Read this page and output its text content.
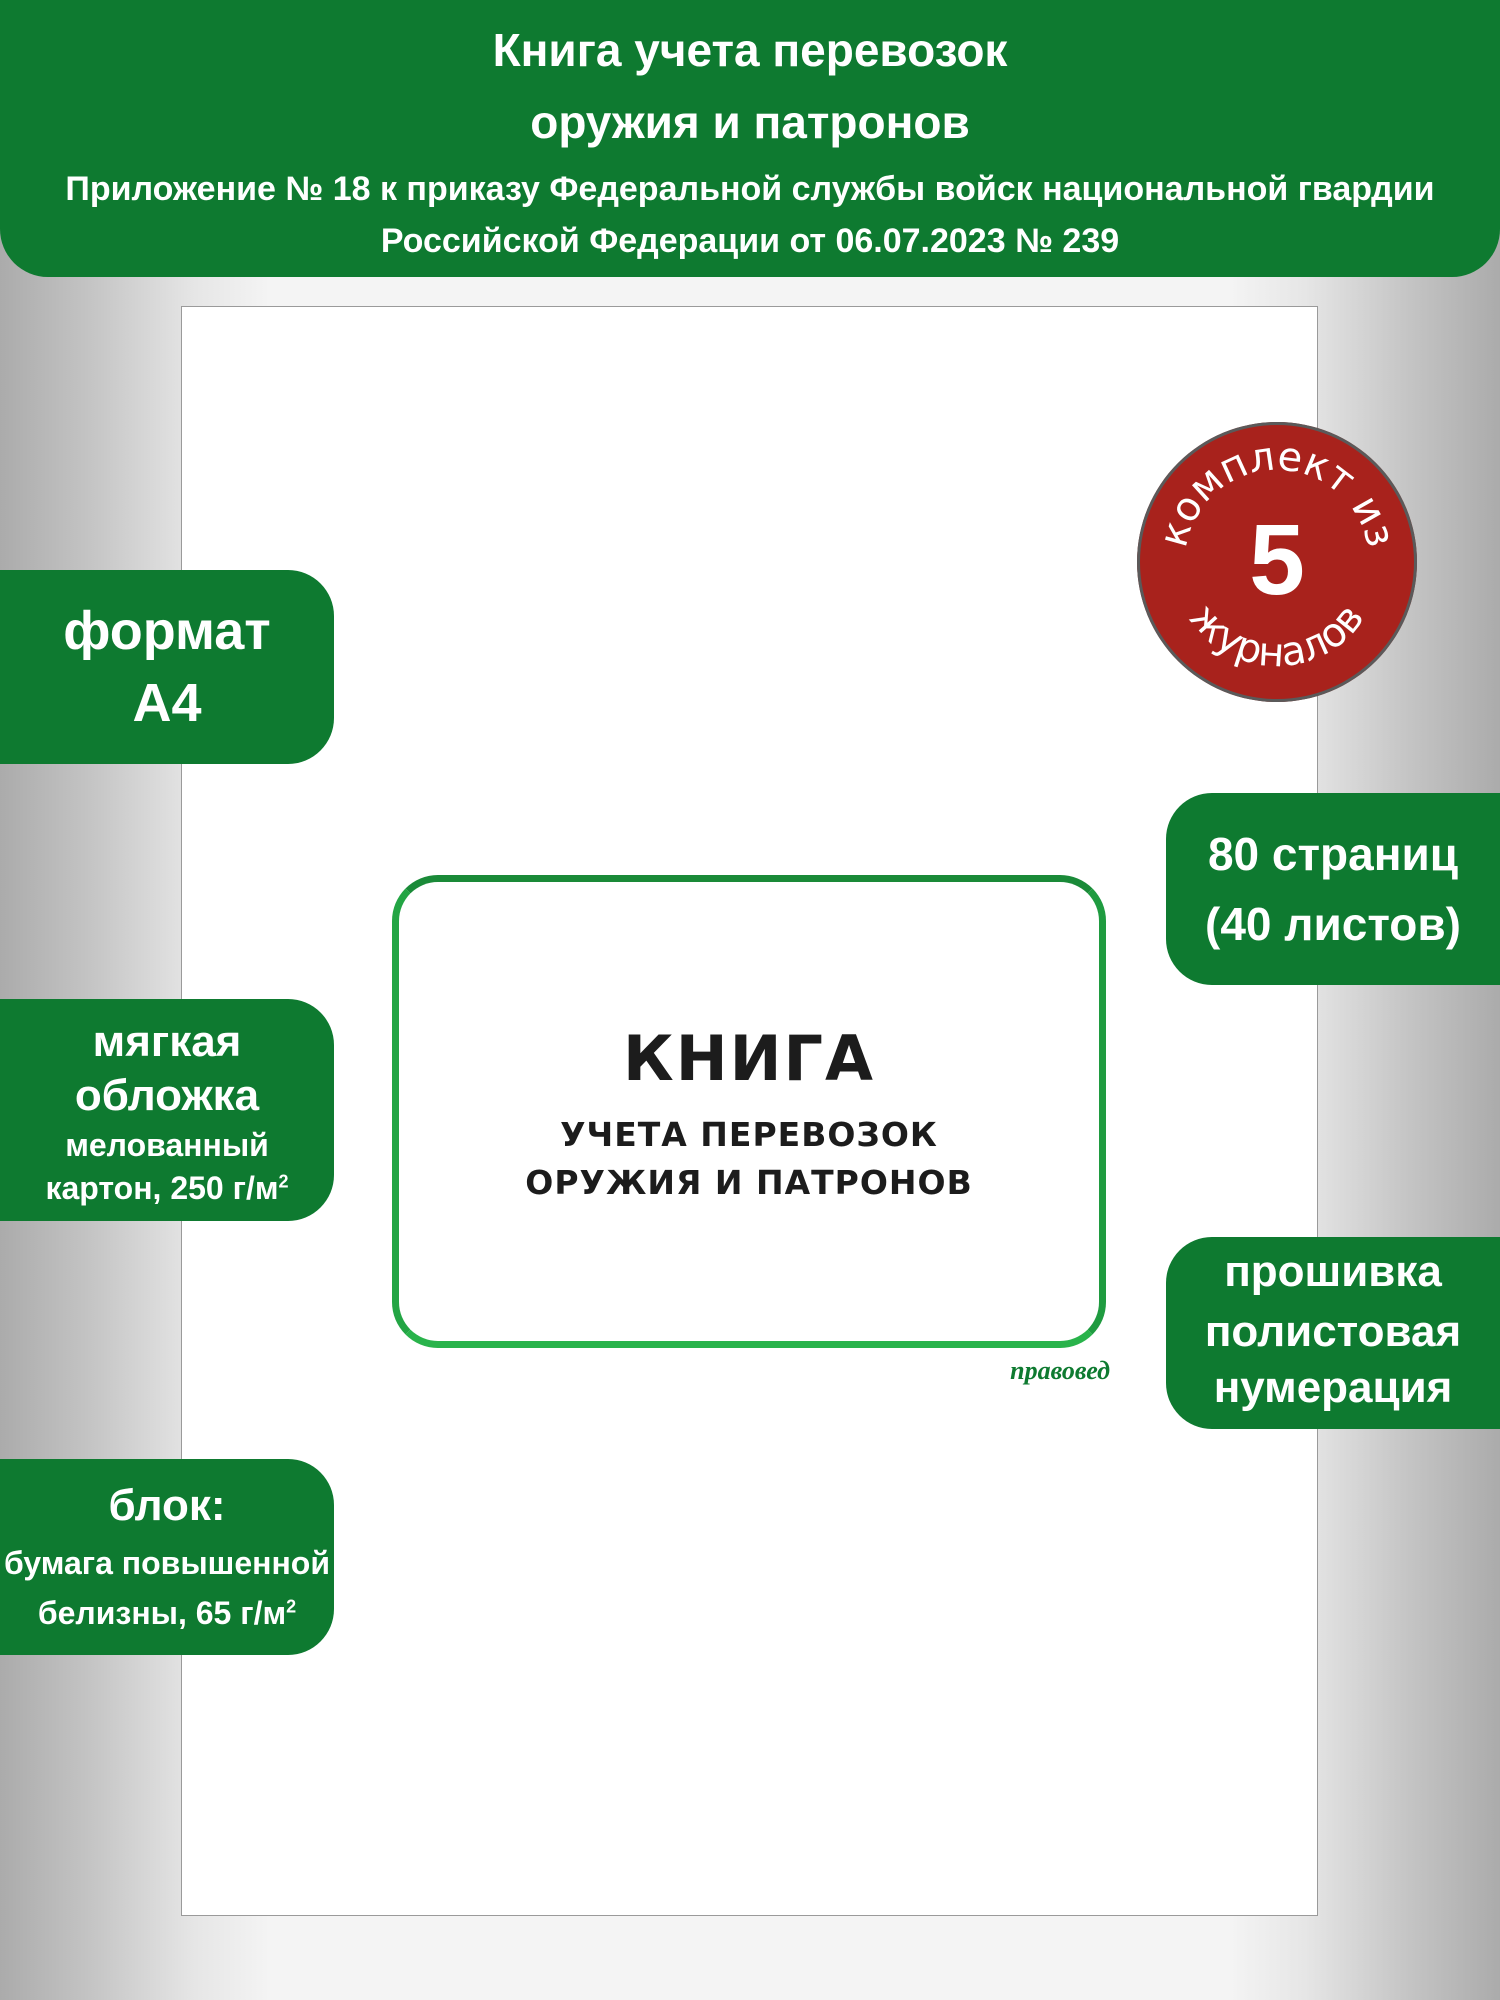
Книга учета перевозок
оружия и патронов
Приложение № 18 к приказу Федеральной службы войск национальной гвардии
Российской Федерации от 06.07.2023 № 239
КНИГА
УЧЕТА ПЕРЕВОЗОК
ОРУЖИЯ И ПАТРОНОВ
правовед
комплект из
5
журналов
формат
А4
мягкая
обложка
мелованный
картон, 250 $г/м^2$
блок:
бумага повышенной
белизны, 65 $г/м^2$
80 страниц
(40 листов)
прошивка
полистовая
нумерация
